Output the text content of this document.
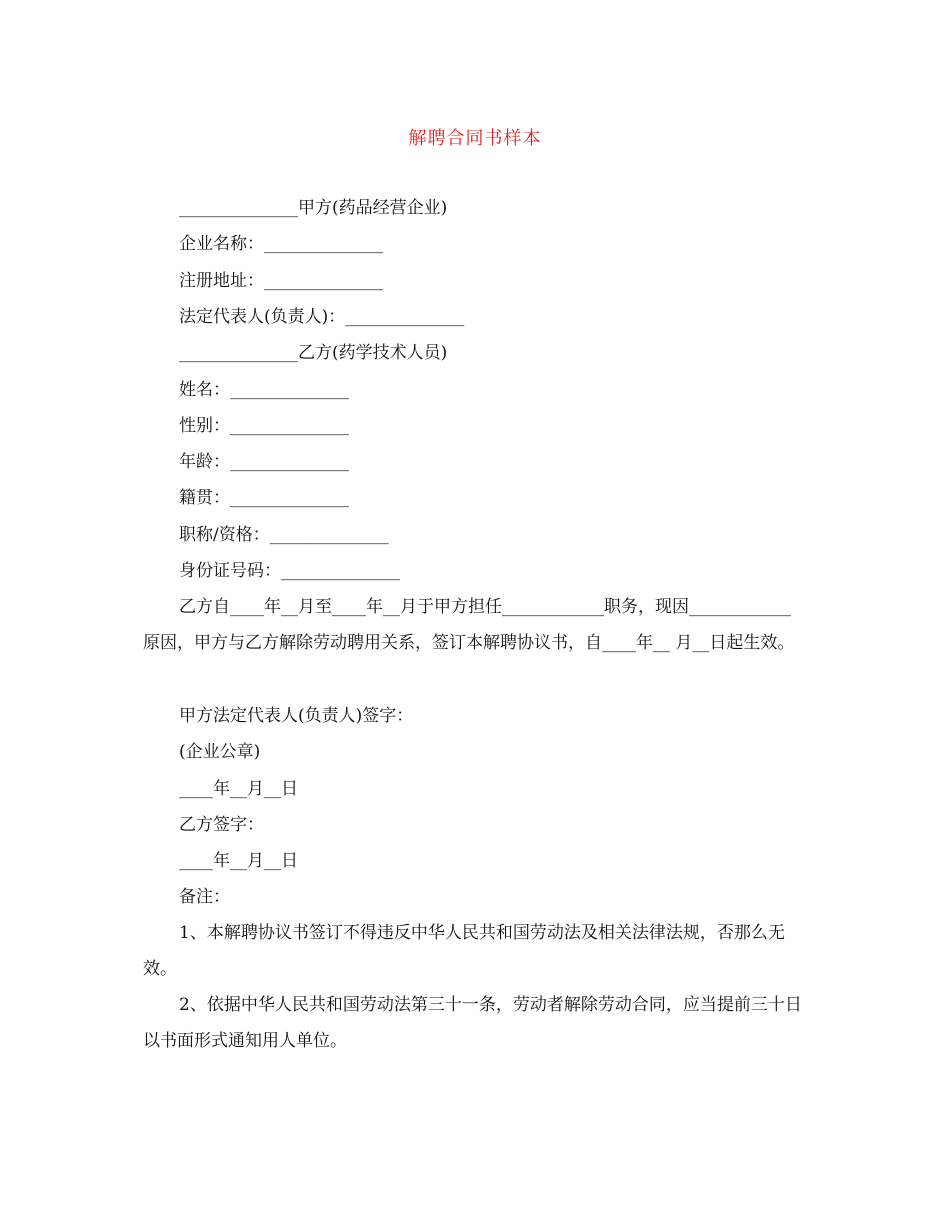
解聘合同书样本
______________甲方(药品经营企业)
企业名称：______________
注册地址：______________
法定代表人(负责人)：______________
______________乙方(药学技术人员)
姓名：______________
性别：______________
年龄：______________
籍贯：______________
职称/资格：______________
身份证号码：______________
乙方自____年__月至____年__月于甲方担任____________职务，现因____________原因，甲方与乙方解除劳动聘用关系，签订本解聘协议书，自____年__ 月__日起生效。
甲方法定代表人(负责人)签字：
(企业公章)
____年__月__日
乙方签字：
____年__月__日
备注：
1、本解聘协议书签订不得违反中华人民共和国劳动法及相关法律法规，否那么无效。
2、依据中华人民共和国劳动法第三十一条，劳动者解除劳动合同，应当提前三十日以书面形式通知用人单位。
